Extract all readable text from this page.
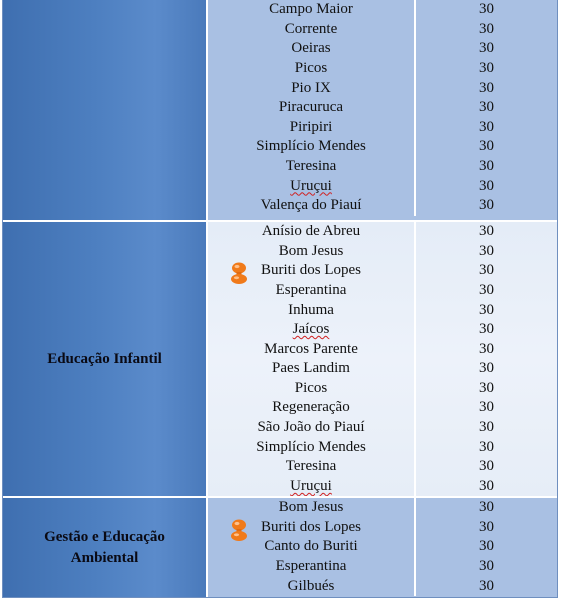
Campo Maior	30
Corrente	30
Oeiras	30
Picos	30
Pio IX	30
Piracuruca	30
Piripiri	30
Simplício Mendes	30
Teresina	30
Uruçui	30
Valença do Piauí	30
Educação Infantil
Anísio de Abreu	30
Bom Jesus	30
Buriti dos Lopes	30
Esperantina	30
Inhuma	30
Jaícos	30
Marcos Parente	30
Paes Landim	30
Picos	30
Regeneração	30
São João do Piauí	30
Simplício Mendes	30
Teresina	30
Uruçui	30
Gestão e Educação Ambiental
Bom Jesus	30
Buriti dos Lopes	30
Canto do Buriti	30
Esperantina	30
Gilbués	30
